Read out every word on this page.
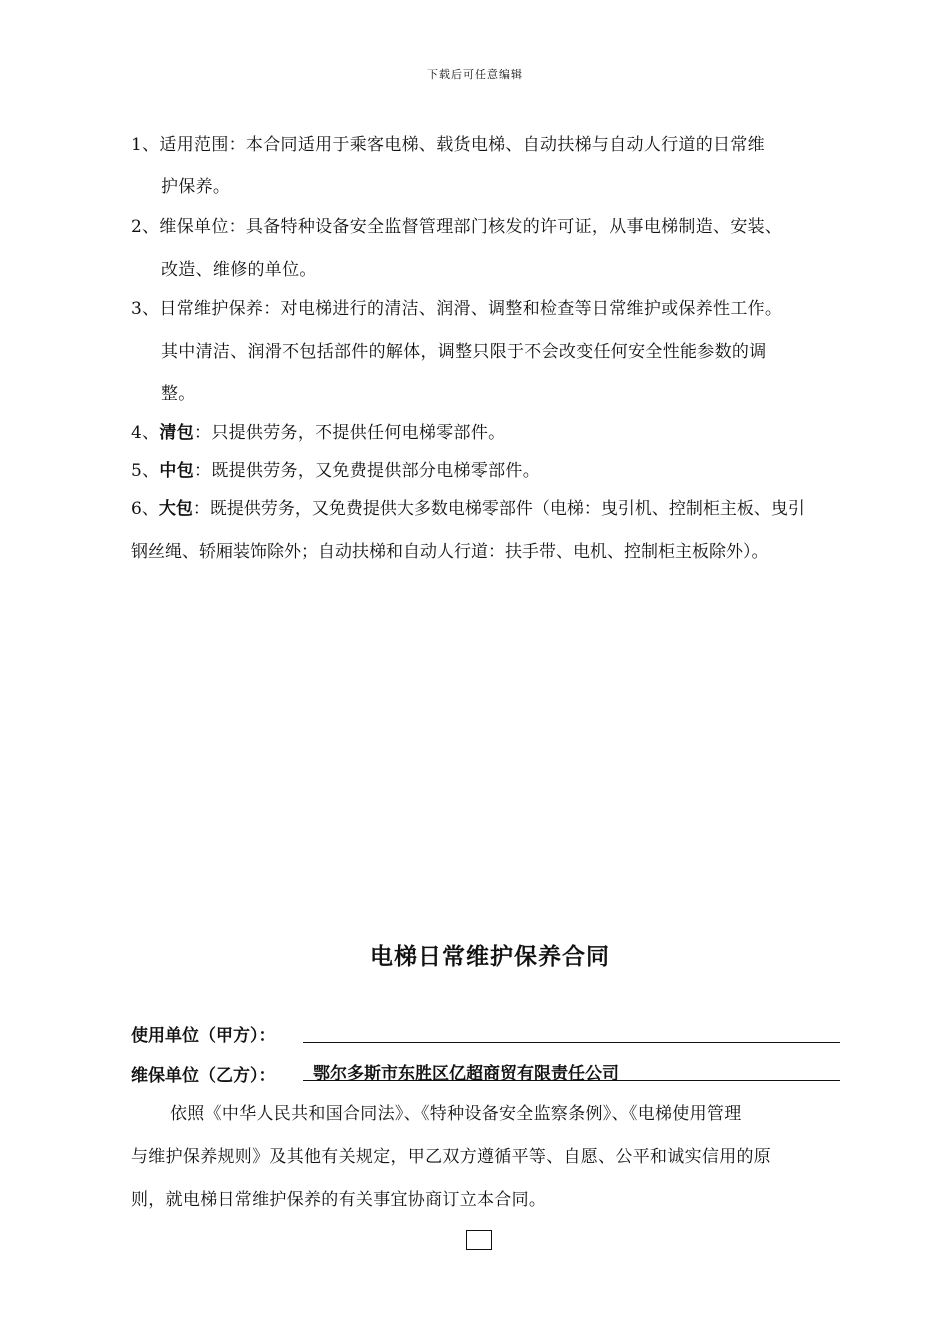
下载后可任意编辑
1、适用范围：本合同适用于乘客电梯、载货电梯、自动扶梯与自动人行道的日常维
护保养。
2、维保单位：具备特种设备安全监督管理部门核发的许可证，从事电梯制造、安装、
改造、维修的单位。
3、日常维护保养：对电梯进行的清洁、润滑、调整和检查等日常维护或保养性工作。
其中清洁、润滑不包括部件的解体，调整只限于不会改变任何安全性能参数的调
整。
4、清包：只提供劳务，不提供任何电梯零部件。
5、中包：既提供劳务，又免费提供部分电梯零部件。
6、大包：既提供劳务，又免费提供大多数电梯零部件（电梯：曳引机、控制柜主板、曳引
钢丝绳、轿厢装饰除外；自动扶梯和自动人行道：扶手带、电机、控制柜主板除外）。
电梯日常维护保养合同
使用单位（甲方）：
维保单位（乙方）： 鄂尔多斯市东胜区亿超商贸有限责任公司
依照《中华人民共和国合同法》、《特种设备安全监察条例》、《电梯使用管理
与维护保养规则》及其他有关规定，甲乙双方遵循平等、自愿、公平和诚实信用的原
则，就电梯日常维护保养的有关事宜协商订立本合同。
